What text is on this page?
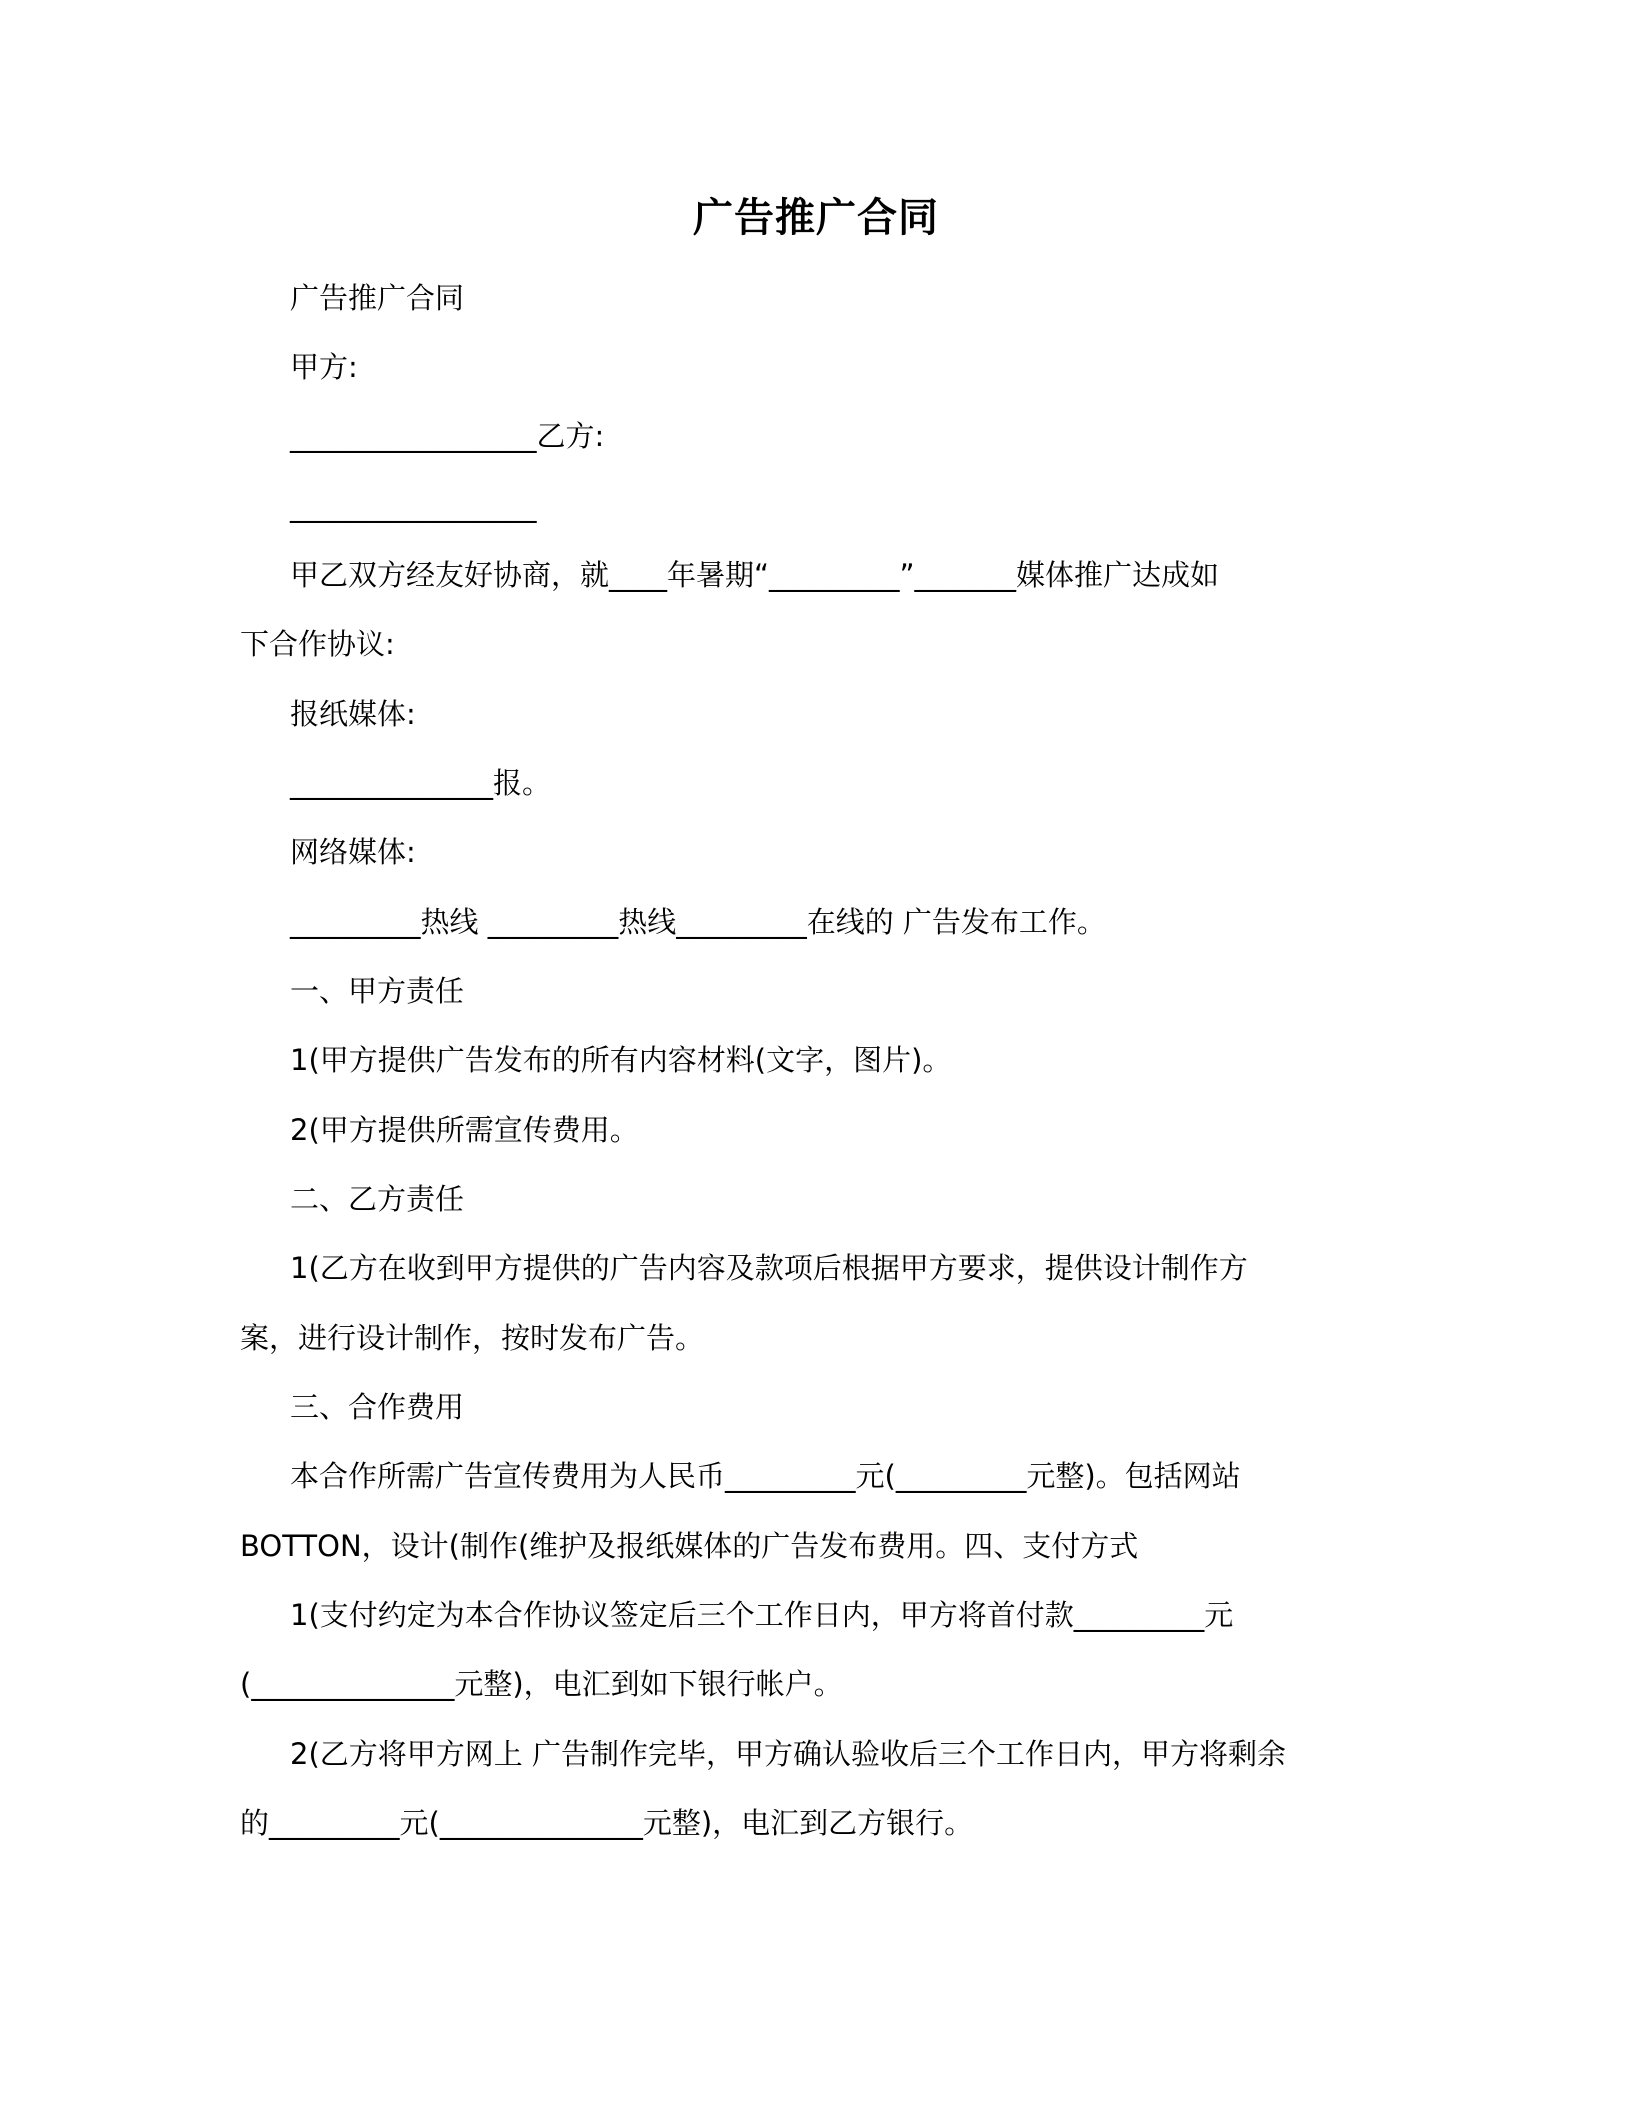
广告推广合同
广告推广合同
甲方:
_________________乙方:
_________________
甲乙双方经友好协商，就____年暑期“_________”_______媒体推广达成如
下合作协议:
报纸媒体:
______________报。
网络媒体:
_________热线 _________热线_________在线的 广告发布工作。
一、甲方责任
1(甲方提供广告发布的所有内容材料(文字，图片)。
2(甲方提供所需宣传费用。
二、乙方责任
1(乙方在收到甲方提供的广告内容及款项后根据甲方要求，提供设计制作方
案，进行设计制作，按时发布广告。
三、合作费用
本合作所需广告宣传费用为人民币_________元(_________元整)。包括网站
BOTTON，设计(制作(维护及报纸媒体的广告发布费用。四、支付方式
1(支付约定为本合作协议签定后三个工作日内，甲方将首付款_________元
(______________元整)，电汇到如下银行帐户。
2(乙方将甲方网上 广告制作完毕，甲方确认验收后三个工作日内，甲方将剩余
的_________元(______________元整)，电汇到乙方银行。
